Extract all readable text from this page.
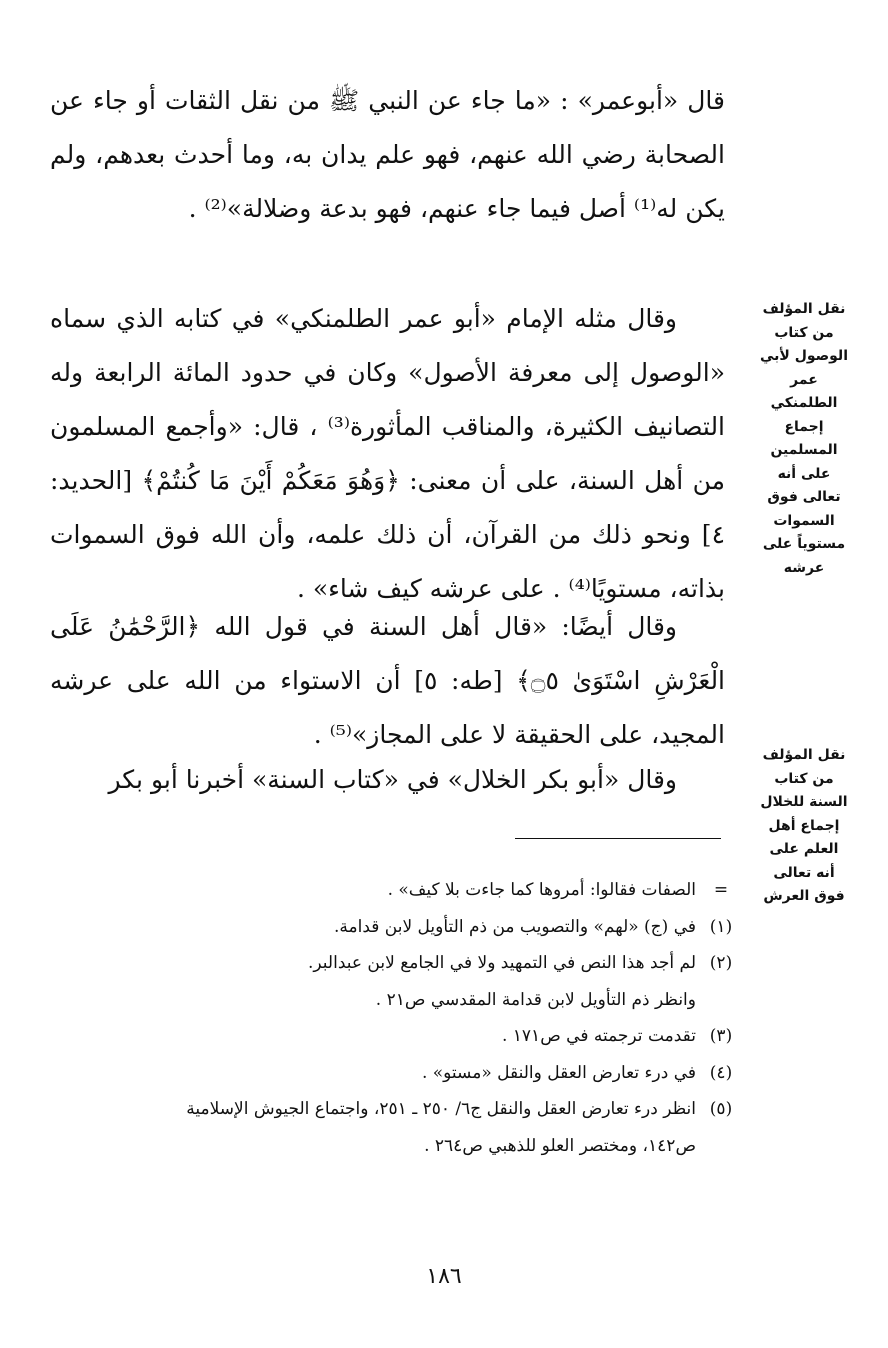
قال «أبوعمر» : «ما جاء عن النبي ﷺ من نقل الثقات أو جاء عن الصحابة رضي الله عنهم، فهو علم يدان به، وما أحدث بعدهم، ولم يكن له⁽¹⁾ أصل فيما جاء عنهم، فهو بدعة وضلالة»⁽²⁾ .

وقال مثله الإمام «أبو عمر الطلمنكي» في كتابه الذي سماه «الوصول إلى معرفة الأصول» وكان في حدود المائة الرابعة وله التصانيف الكثيرة، والمناقب المأثورة⁽³⁾ ، قال: «وأجمع المسلمون من أهل السنة، على أن معنى: ﴿وَهُوَ مَعَكُمْ أَيْنَ مَا كُنتُمْ﴾ [الحديد: ٤] ونحو ذلك من القرآن، أن ذلك علمه، وأن الله فوق السموات بذاته، مستويًا⁽⁴⁾ . على عرشه كيف شاء» .

وقال أيضًا: «قال أهل السنة في قول الله ﴿الرَّحْمَٰنُ عَلَى الْعَرْشِ اسْتَوَىٰ ۝٥﴾ [طه: ٥] أن الاستواء من الله على عرشه المجيد، على الحقيقة لا على المجاز»⁽⁵⁾ .

وقال «أبو بكر الخلال» في «كتاب السنة» أخبرنا أبو بكر

نقل المؤلف من كتاب الوصول لأبي عمر الطلمنكي إجماع المسلمين على أنه تعالى فوق السموات مستوياً على عرشه

نقل المؤلف من كتاب السنة للخلال إجماع أهل العلم على أنه تعالى فوق العرش

=
الصفات فقالوا: أمروها كما جاءت بلا كيف» .
(١)
في (ج) «لهم» والتصويب من ذم التأويل لابن قدامة.
(٢)
لم أجد هذا النص في التمهيد ولا في الجامع لابن عبدالبر.
وانظر ذم التأويل لابن قدامة المقدسي ص٢١ .
(٣)
تقدمت ترجمته في ص١٧١ .
(٤)
في درء تعارض العقل والنقل «مستو» .
(٥)
انظر درء تعارض العقل والنقل ج٦/ ٢٥٠ ـ ٢٥١، واجتماع الجيوش الإسلامية
ص١٤٢، ومختصر العلو للذهبي ص٢٦٤ .
١٨٦
